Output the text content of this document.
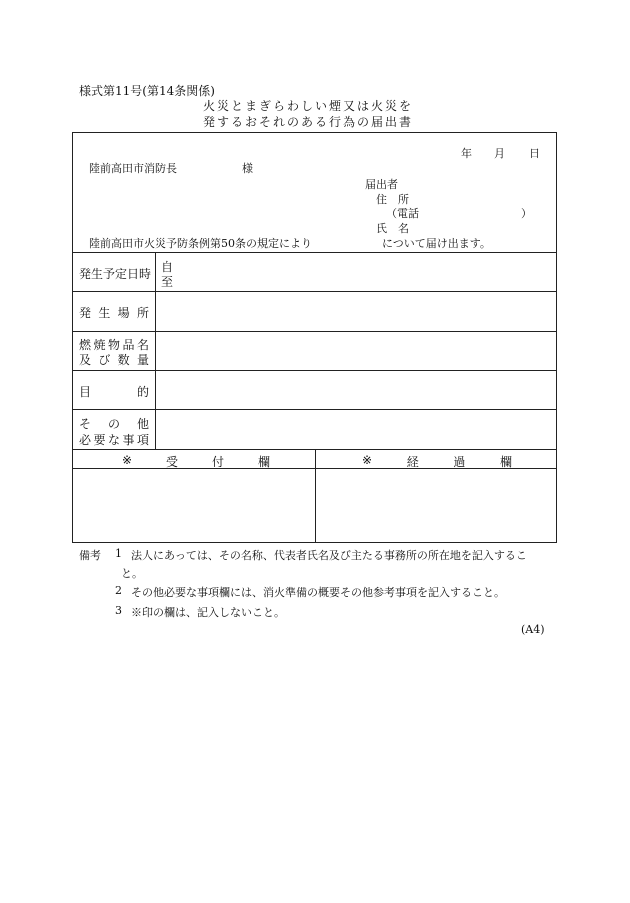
様式第11号(第14条関係)
火災とまぎらわしい煙又は火災を
発するおそれのある行為の届出書
年 月 日
陸前高田市消防長	様
届出者
住　所
（電話	）
氏　名
陸前高田市火災予防条例第50条の規定により	について届け出ます。
発生予定日時 自
至
発 生 場 所
燃 焼 物 品 名
及 び 数 量
目	的
そ の 他
必 要 な 事 項
※	受	付	欄	※	経	過	欄
備考 1 法人にあっては、その名称、代表者氏名及び主たる事務所の所在地を記入するこ
と。
2 その他必要な事項欄には、消火準備の概要その他参考事項を記入すること。
3 ※印の欄は、記入しないこと。
(A4)
